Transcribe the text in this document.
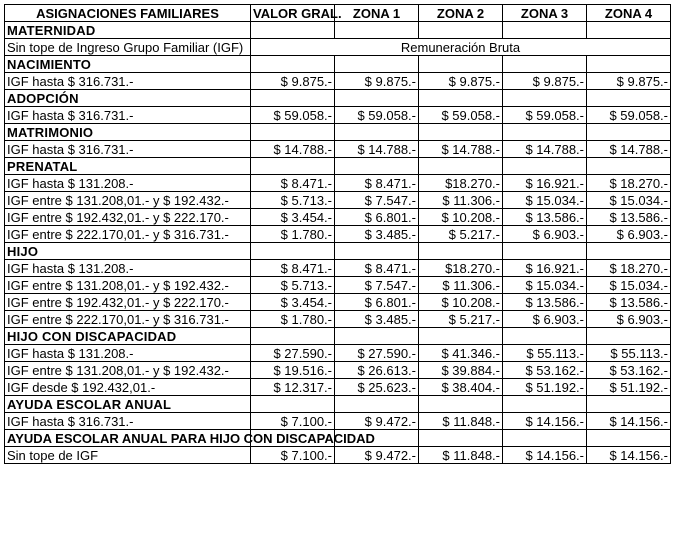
ASIGNACIONES FAMILIARES	VALOR GRAL.	ZONA 1	ZONA 2	ZONA 3	ZONA 4
MATERNIDAD					
Sin tope de Ingreso Grupo Familiar (IGF)	Remuneración Bruta				
NACIMIENTO					
IGF hasta $ 316.731.-	$ 9.875.-	$ 9.875.-	$ 9.875.-	$ 9.875.-	$ 9.875.-
ADOPCIÓN					
IGF hasta $ 316.731.-	$ 59.058.-	$ 59.058.-	$ 59.058.-	$ 59.058.-	$ 59.058.-
MATRIMONIO					
IGF hasta $ 316.731.-	$ 14.788.-	$ 14.788.-	$ 14.788.-	$ 14.788.-	$ 14.788.-
PRENATAL					
IGF hasta $ 131.208.-	$ 8.471.-	$ 8.471.-	$18.270.-	$ 16.921.-	$ 18.270.-
IGF entre $ 131.208,01.- y $ 192.432.-	$ 5.713.-	$ 7.547.-	$ 11.306.-	$ 15.034.-	$ 15.034.-
IGF entre $ 192.432,01.- y $ 222.170.-	$ 3.454.-	$ 6.801.-	$ 10.208.-	$ 13.586.-	$ 13.586.-
IGF entre $ 222.170,01.- y $ 316.731.-	$ 1.780.-	$ 3.485.-	$ 5.217.-	$ 6.903.-	$ 6.903.-
HIJO					
IGF hasta $ 131.208.-	$ 8.471.-	$ 8.471.-	$18.270.-	$ 16.921.-	$ 18.270.-
IGF entre $ 131.208,01.- y $ 192.432.-	$ 5.713.-	$ 7.547.-	$ 11.306.-	$ 15.034.-	$ 15.034.-
IGF entre $ 192.432,01.- y $ 222.170.-	$ 3.454.-	$ 6.801.-	$ 10.208.-	$ 13.586.-	$ 13.586.-
IGF entre $ 222.170,01.- y $ 316.731.-	$ 1.780.-	$ 3.485.-	$ 5.217.-	$ 6.903.-	$ 6.903.-
HIJO CON DISCAPACIDAD					
IGF hasta $ 131.208.-	$ 27.590.-	$ 27.590.-	$ 41.346.-	$ 55.113.-	$ 55.113.-
IGF entre $ 131.208,01.- y $ 192.432.-	$ 19.516.-	$ 26.613.-	$ 39.884.-	$ 53.162.-	$ 53.162.-
IGF desde $ 192.432,01.-	$ 12.317.-	$ 25.623.-	$ 38.404.-	$ 51.192.-	$ 51.192.-
AYUDA ESCOLAR ANUAL					
IGF hasta $ 316.731.-	$ 7.100.-	$ 9.472.-	$ 11.848.-	$ 14.156.-	$ 14.156.-
AYUDA ESCOLAR ANUAL PARA HIJO CON DISCAPACIDAD					
Sin tope de IGF	$ 7.100.-	$ 9.472.-	$ 11.848.-	$ 14.156.-	$ 14.156.-
